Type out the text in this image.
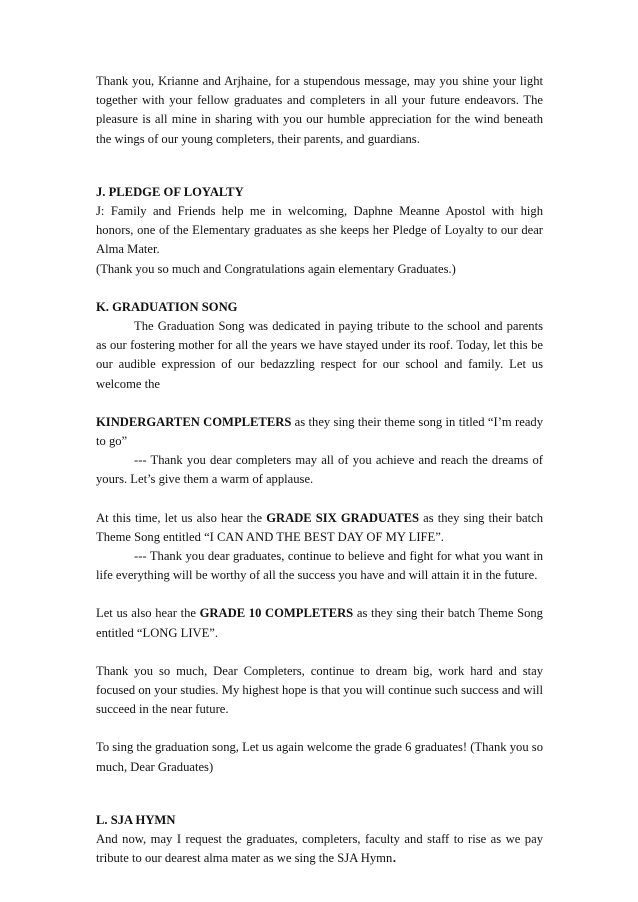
Thank you, Krianne and Arjhaine, for a stupendous message, may you shine your light together with your fellow graduates and completers in all your future endeavors. The pleasure is all mine in sharing with you our humble appreciation for the wind beneath the wings of our young completers, their parents, and guardians.

J. PLEDGE OF LOYALTY

J: Family and Friends help me in welcoming, Daphne Meanne Apostol with high honors, one of the Elementary graduates as she keeps her Pledge of Loyalty to our dear Alma Mater.

(Thank you so much and Congratulations again elementary Graduates.)

K. GRADUATION SONG

The Graduation Song was dedicated in paying tribute to the school and parents as our fostering mother for all the years we have stayed under its roof. Today, let this be our audible expression of our bedazzling respect for our school and family. Let us welcome the

KINDERGARTEN COMPLETERS as they sing their theme song in titled “I’m ready to go”

--- Thank you dear completers may all of you achieve and reach the dreams of yours. Let’s give them a warm of applause.

At this time, let us also hear the GRADE SIX GRADUATES as they sing their batch Theme Song entitled “I CAN AND THE BEST DAY OF MY LIFE”.

--- Thank you dear graduates, continue to believe and fight for what you want in life everything will be worthy of all the success you have and will attain it in the future.

Let us also hear the GRADE 10 COMPLETERS as they sing their batch Theme Song entitled “LONG LIVE”.

Thank you so much, Dear Completers, continue to dream big, work hard and stay focused on your studies. My highest hope is that you will continue such success and will succeed in the near future.

To sing the graduation song, Let us again welcome the grade 6 graduates! (Thank you so much, Dear Graduates)

L. SJA HYMN

And now, may I request the graduates, completers, faculty and staff to rise as we pay tribute to our dearest alma mater as we sing the SJA Hymn.
